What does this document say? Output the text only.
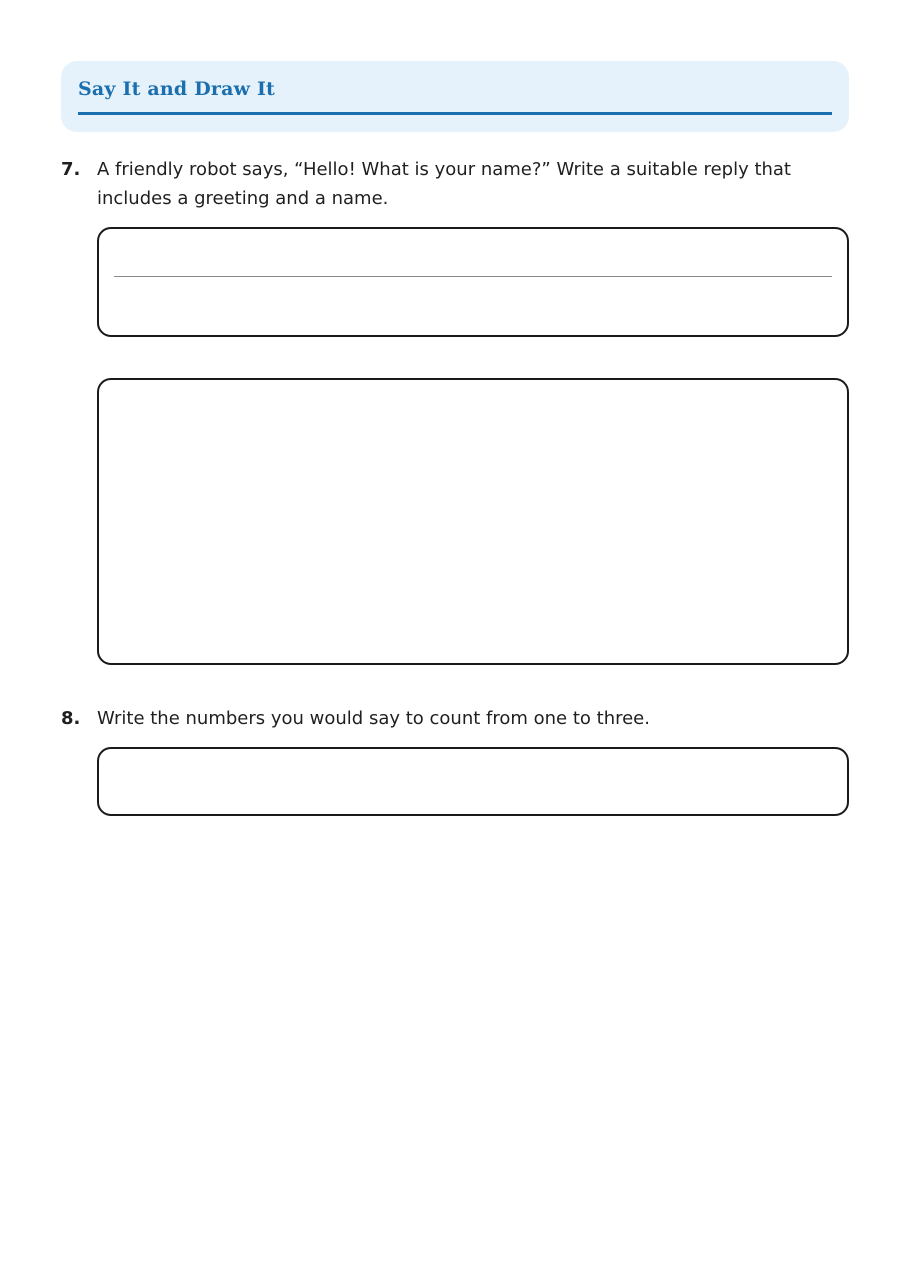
Say It and Draw It
7. A friendly robot says, “Hello! What is your name?” Write a suitable reply that includes a greeting and a name.
8. Write the numbers you would say to count from one to three.
